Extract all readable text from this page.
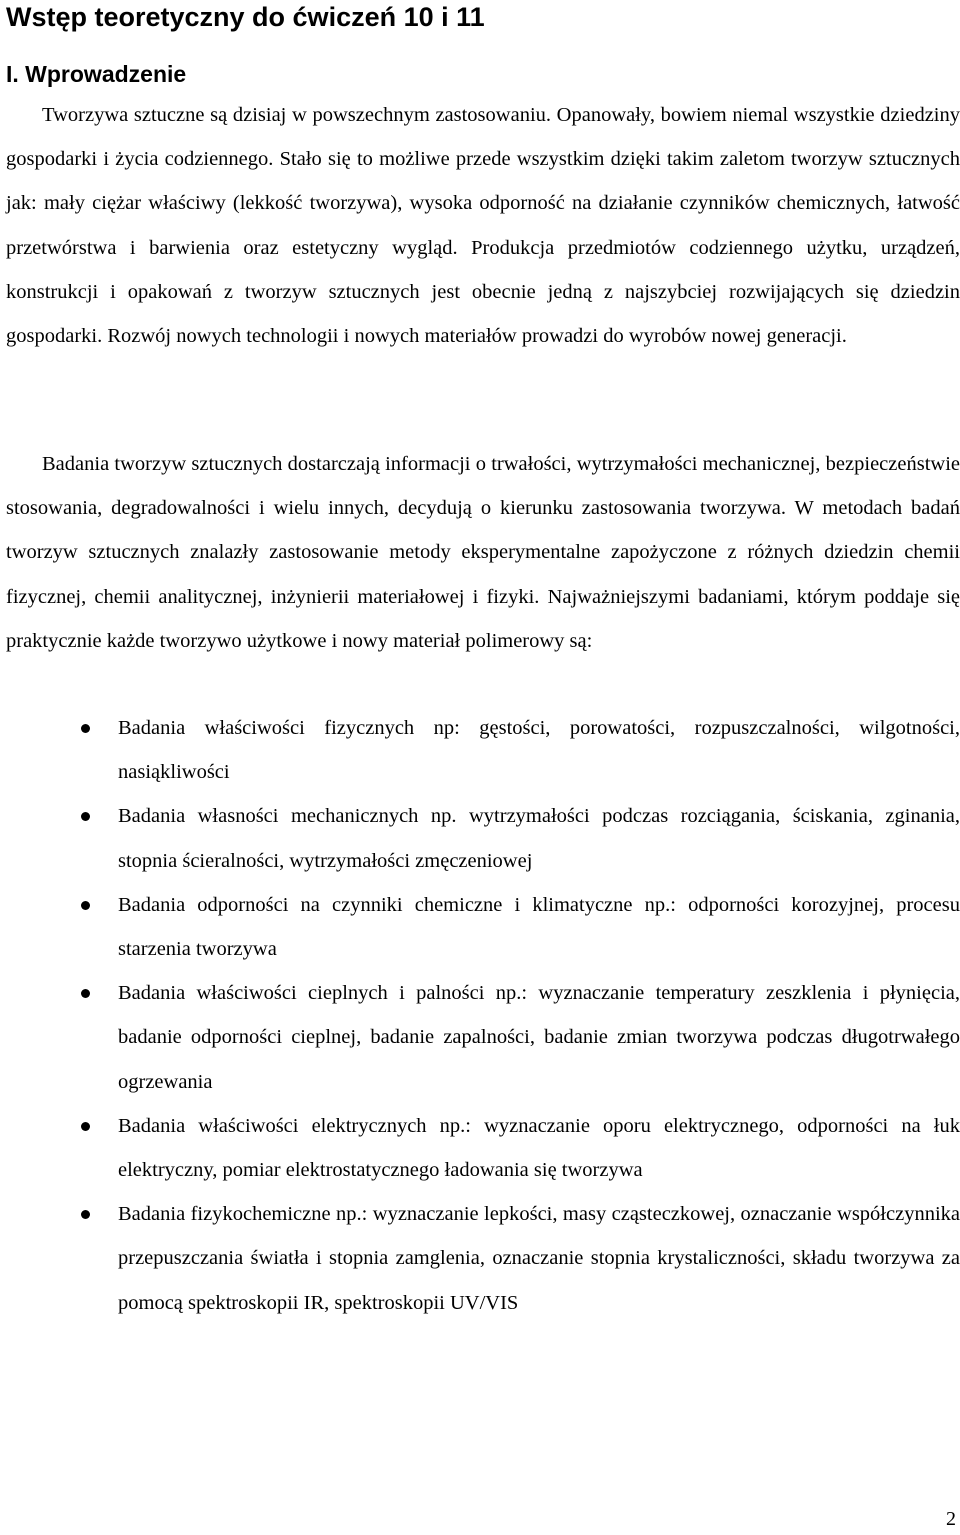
Wstęp teoretyczny do ćwiczeń 10 i 11
I. Wprowadzenie

Tworzywa sztuczne są dzisiaj w powszechnym zastosowaniu. Opanowały, bowiem niemal wszystkie dziedziny gospodarki i życia codziennego. Stało się to możliwe przede wszystkim dzięki takim zaletom tworzyw sztucznych jak: mały ciężar właściwy (lekkość tworzywa), wysoka odporność na działanie czynników chemicznych, łatwość przetwórstwa i barwienia oraz estetyczny wygląd. Produkcja przedmiotów codziennego użytku, urządzeń, konstrukcji i opakowań z tworzyw sztucznych jest obecnie jedną z najszybciej rozwijających się dziedzin gospodarki. Rozwój nowych technologii i nowych materiałów prowadzi do wyrobów nowej generacji.

Badania tworzyw sztucznych dostarczają informacji o trwałości, wytrzymałości mechanicznej, bezpieczeństwie stosowania, degradowalności i wielu innych, decydują o kierunku zastosowania tworzywa. W metodach badań tworzyw sztucznych znalazły zastosowanie metody eksperymentalne zapożyczone z różnych dziedzin chemii fizycznej, chemii analitycznej, inżynierii materiałowej i fizyki. Najważniejszymi badaniami, którym poddaje się praktycznie każde tworzywo użytkowe i nowy materiał polimerowy są:

Badania właściwości fizycznych np: gęstości, porowatości, rozpuszczalności, wilgotności, nasiąkliwości
Badania własności mechanicznych np. wytrzymałości podczas rozciągania, ściskania, zginania, stopnia ścieralności, wytrzymałości zmęczeniowej
Badania odporności na czynniki chemiczne i klimatyczne np.: odporności korozyjnej, procesu starzenia tworzywa
Badania właściwości cieplnych i palności np.: wyznaczanie temperatury zeszklenia i płynięcia, badanie odporności cieplnej, badanie zapalności, badanie zmian tworzywa podczas długotrwałego ogrzewania
Badania właściwości elektrycznych np.: wyznaczanie oporu elektrycznego, odporności na łuk elektryczny, pomiar elektrostatycznego ładowania się tworzywa
Badania fizykochemiczne np.: wyznaczanie lepkości, masy cząsteczkowej, oznaczanie współczynnika przepuszczania światła i stopnia zamglenia, oznaczanie stopnia krystaliczności, składu tworzywa za pomocą spektroskopii IR, spektroskopii UV/VIS
2
